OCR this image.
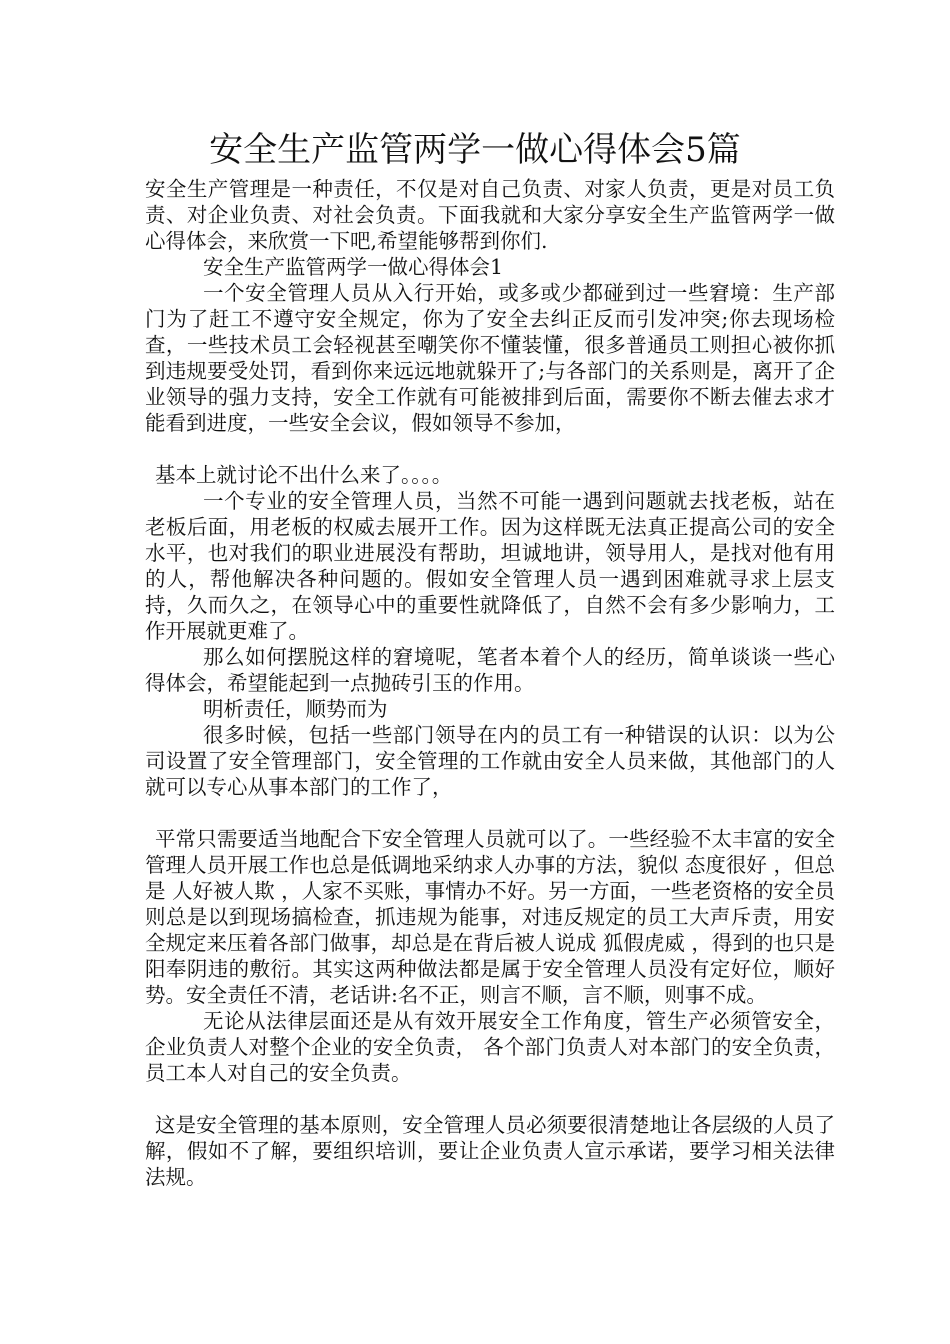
安全生产监管两学一做心得体会5篇

安全生产管理是一种责任，不仅是对自己负责、对家人负责，更是对员工负责、对企业负责、对社会负责。下面我就和大家分享安全生产监管两学一做心得体会，来欣赏一下吧,希望能够帮到你们.

安全生产监管两学一做心得体会1

一个安全管理人员从入行开始，或多或少都碰到过一些窘境：生产部门为了赶工不遵守安全规定，你为了安全去纠正反而引发冲突;你去现场检查，一些技术员工会轻视甚至嘲笑你不懂装懂，很多普通员工则担心被你抓到违规要受处罚，看到你来远远地就躲开了;与各部门的关系则是，离开了企业领导的强力支持，安全工作就有可能被排到后面，需要你不断去催去求才能看到进度，一些安全会议，假如领导不参加，

基本上就讨论不出什么来了。。。。

一个专业的安全管理人员，当然不可能一遇到问题就去找老板，站在老板后面，用老板的权威去展开工作。因为这样既无法真正提高公司的安全水平，也对我们的职业进展没有帮助，坦诚地讲，领导用人，是找对他有用的人，帮他解决各种问题的。假如安全管理人员一遇到困难就寻求上层支持，久而久之，在领导心中的重要性就降低了，自然不会有多少影响力，工作开展就更难了。

那么如何摆脱这样的窘境呢，笔者本着个人的经历，简单谈谈一些心得体会，希望能起到一点抛砖引玉的作用。

明析责任，顺势而为

很多时候，包括一些部门领导在内的员工有一种错误的认识：以为公司设置了安全管理部门，安全管理的工作就由安全人员来做，其他部门的人就可以专心从事本部门的工作了，

平常只需要适当地配合下安全管理人员就可以了。一些经验不太丰富的安全管理人员开展工作也总是低调地采纳求人办事的方法，貌似 态度很好 ，但总是 人好被人欺 ，人家不买账，事情办不好。另一方面，一些老资格的安全员则总是以到现场搞检查，抓违规为能事，对违反规定的员工大声斥责，用安全规定来压着各部门做事，却总是在背后被人说成 狐假虎威 ，得到的也只是阳奉阴违的敷衍。其实这两种做法都是属于安全管理人员没有定好位，顺好势。安全责任不清，老话讲:名不正，则言不顺，言不顺，则事不成。

无论从法律层面还是从有效开展安全工作角度，管生产必须管安全，企业负责人对整个企业的安全负责， 各个部门负责人对本部门的安全负责，员工本人对自己的安全负责。

这是安全管理的基本原则，安全管理人员必须要很清楚地让各层级的人员了解，假如不了解，要组织培训，要让企业负责人宣示承诺，要学习相关法律法规。
